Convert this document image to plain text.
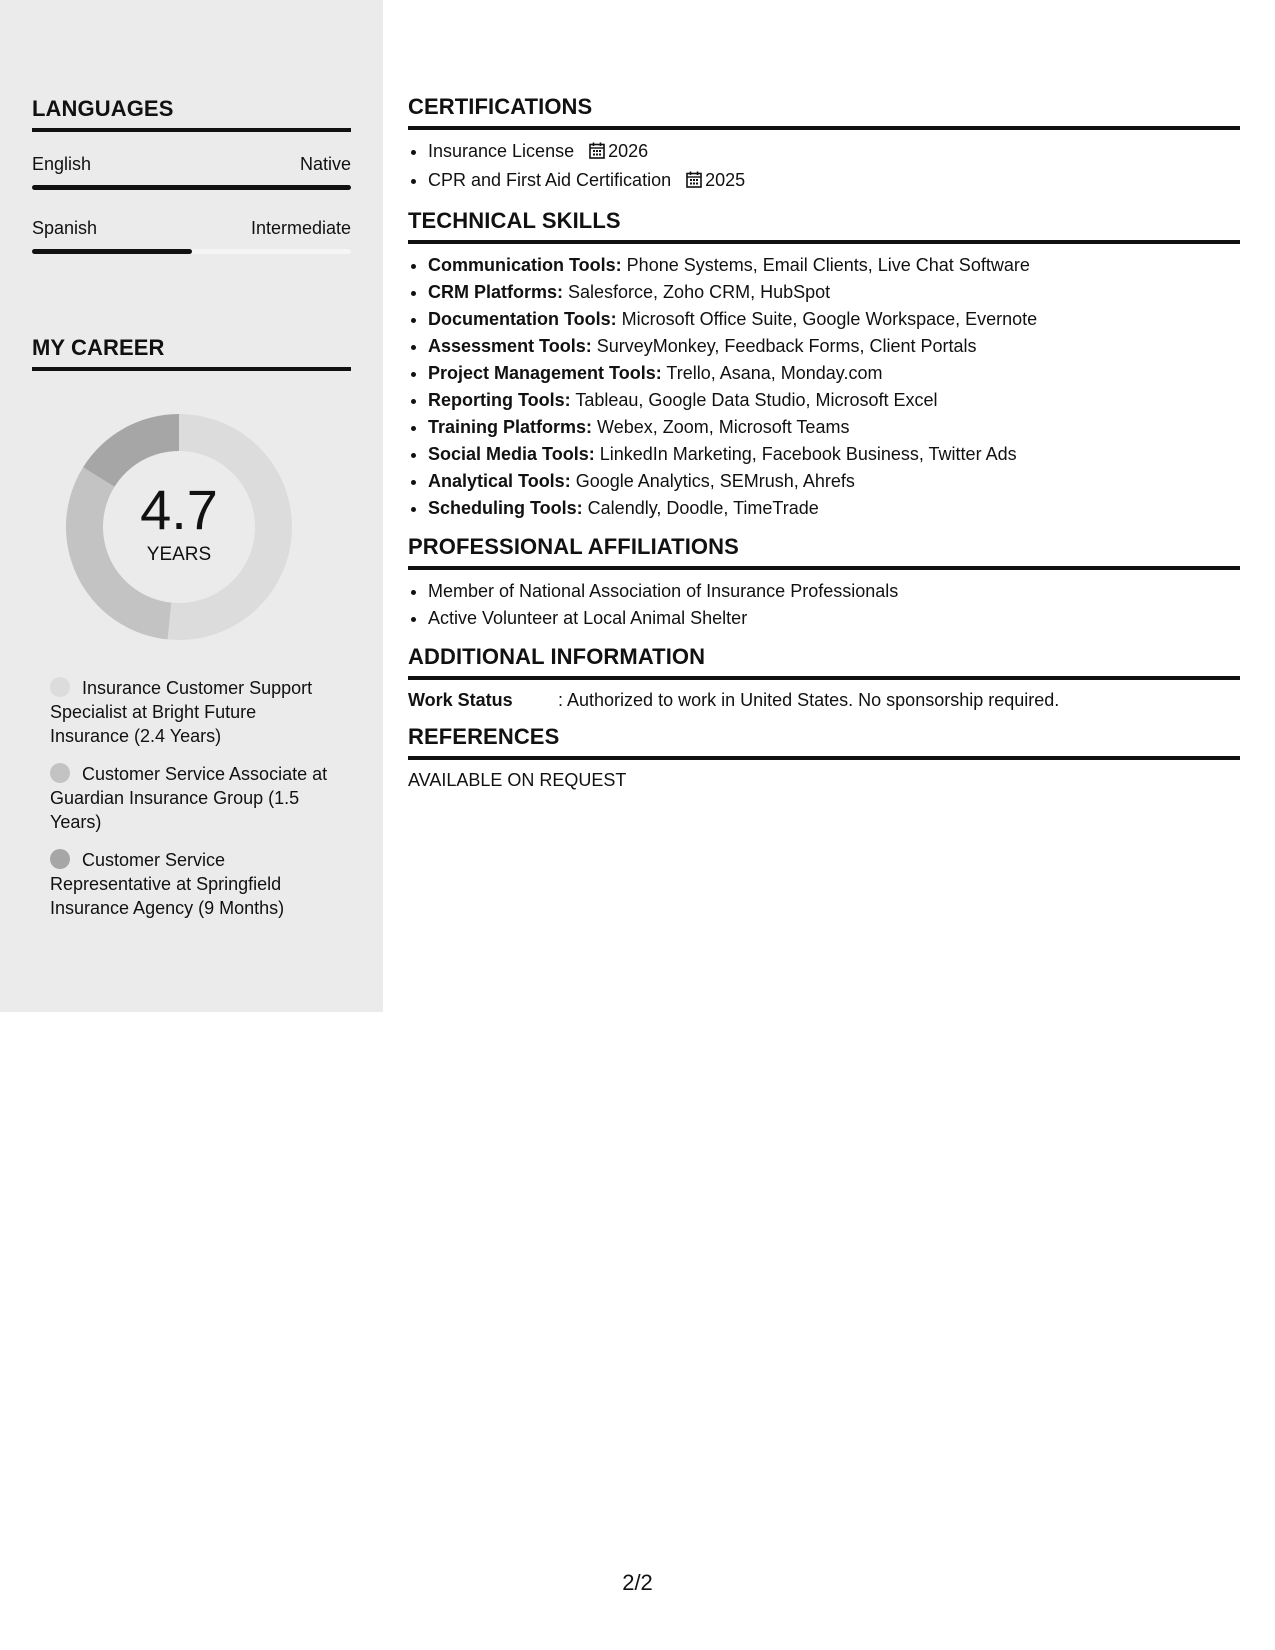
LANGUAGES
English	Native
Spanish	Intermediate
MY CAREER
4.7
YEARS
Insurance Customer Support Specialist at Bright Future Insurance (2.4 Years)
Customer Service Associate at Guardian Insurance Group (1.5 Years)
Customer Service Representative at Springfield Insurance Agency (9 Months)
CERTIFICATIONS
• Insurance License 2026
• CPR and First Aid Certification 2025
TECHNICAL SKILLS
• Communication Tools: Phone Systems, Email Clients, Live Chat Software
• CRM Platforms: Salesforce, Zoho CRM, HubSpot
• Documentation Tools: Microsoft Office Suite, Google Workspace, Evernote
• Assessment Tools: SurveyMonkey, Feedback Forms, Client Portals
• Project Management Tools: Trello, Asana, Monday.com
• Reporting Tools: Tableau, Google Data Studio, Microsoft Excel
• Training Platforms: Webex, Zoom, Microsoft Teams
• Social Media Tools: LinkedIn Marketing, Facebook Business, Twitter Ads
• Analytical Tools: Google Analytics, SEMrush, Ahrefs
• Scheduling Tools: Calendly, Doodle, TimeTrade
PROFESSIONAL AFFILIATIONS
• Member of National Association of Insurance Professionals
• Active Volunteer at Local Animal Shelter
ADDITIONAL INFORMATION
Work Status	: Authorized to work in United States. No sponsorship required.
REFERENCES
AVAILABLE ON REQUEST
2/2
